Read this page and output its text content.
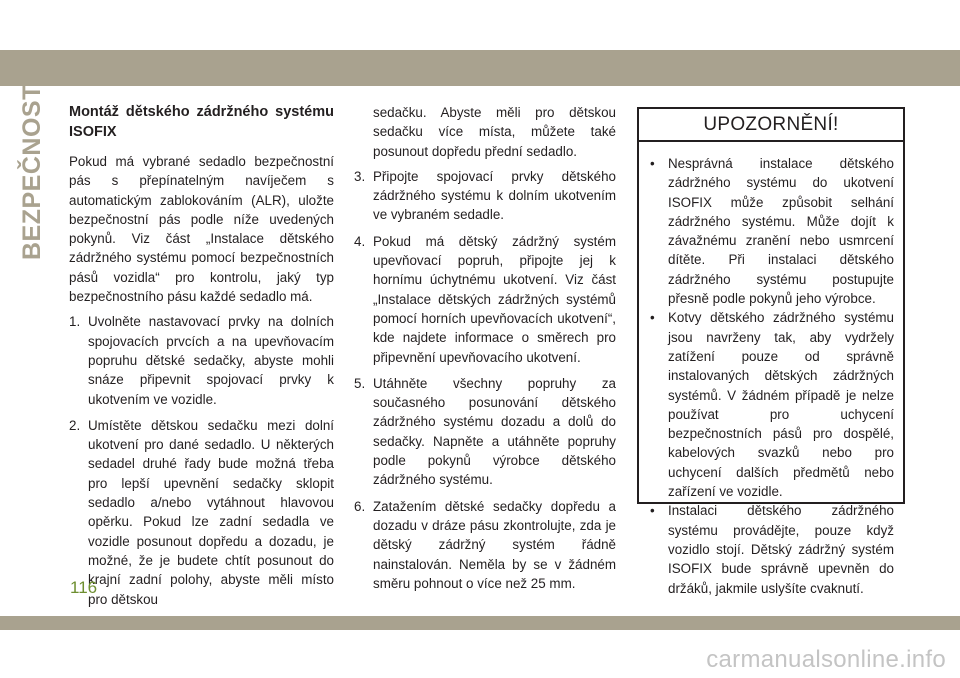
BEZPEČNOST Montáž dětského zádržného systému ISOFIX

Pokud má vybrané sedadlo bezpečnostní pás s přepínatelným navíječem s automatickým zablokováním (ALR), uložte bezpečnostní pás podle níže uvedených pokynů. Viz část „Instalace dětského zádržného systému pomocí bezpečnostních pásů vozidla“ pro kontrolu, jaký typ bezpečnostního pásu každé sedadlo má.

1. Uvolněte nastavovací prvky na dolních spojovacích prvcích a na upevňovacím popruhu dětské sedačky, abyste mohli snáze připevnit spojovací prvky k ukotvením ve vozidle.
2. Umístěte dětskou sedačku mezi dolní ukotvení pro dané sedadlo. U některých sedadel druhé řady bude možná třeba pro lepší upevnění sedačky sklopit sedadlo a/nebo vytáhnout hlavovou opěrku. Pokud lze zadní sedadla ve vozidle posunout dopředu a dozadu, je možné, že je budete chtít posunout do krajní zadní polohy, abyste měli místo pro dětskou

sedačku. Abyste měli pro dětskou sedačku více místa, můžete také posunout dopředu přední sedadlo.

3. Připojte spojovací prvky dětského zádržného systému k dolním ukotvením ve vybraném sedadle.
4. Pokud má dětský zádržný systém upevňovací popruh, připojte jej k hornímu úchytnému ukotvení. Viz část „Instalace dětských zádržných systémů pomocí horních upevňovacích ukotvení“, kde najdete informace o směrech pro připevnění upevňovacího ukotvení.
5. Utáhněte všechny popruhy za současného posunování dětského zádržného systému dozadu a dolů do sedačky. Napněte a utáhněte popruhy podle pokynů výrobce dětského zádržného systému.
6. Zatažením dětské sedačky dopředu a dozadu v dráze pásu zkontrolujte, zda je dětský zádržný systém řádně nainstalován. Neměla by se v žádném směru pohnout o více než 25 mm.
UPOZORNĚNÍ!
• Nesprávná instalace dětského zádržného systému do ukotvení ISOFIX může způsobit selhání zádržného systému. Může dojít k závažnému zranění nebo usmrcení dítěte. Při instalaci dětského zádržného systému postupujte přesně podle pokynů jeho výrobce.
• Kotvy dětského zádržného systému jsou navrženy tak, aby vydržely zatížení pouze od správně instalovaných dětských zádržných systémů. V žádném případě je nelze používat pro uchycení bezpečnostních pásů pro dospělé, kabelových svazků nebo pro uchycení dalších předmětů nebo zařízení ve vozidle.
• Instalaci dětského zádržného systému provádějte, pouze když vozidlo stojí. Dětský zádržný systém ISOFIX bude správně upevněn do držáků, jakmile uslyšíte cvaknutí.
116
carmanualsonline.info
